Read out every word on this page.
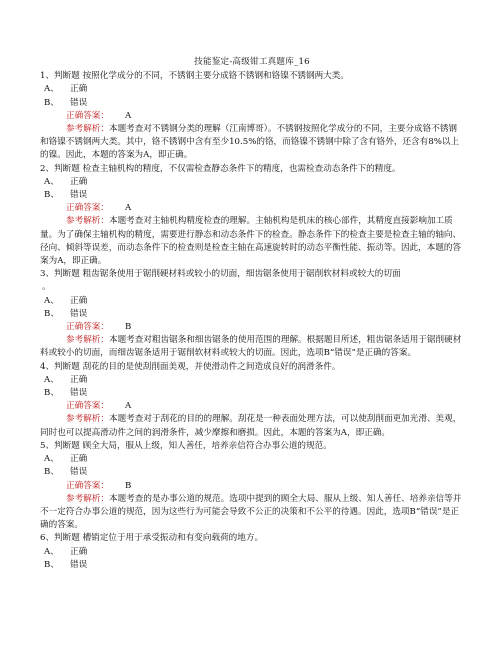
技能鉴定-高级钳工真题库_16
1、判断题 按照化学成分的不同，不锈钢主要分成铬不锈钢和铬镍不锈钢两大类。
A、 正确
B、 错误
正确答案： A
参考解析：本题考查对不锈钢分类的理解（江南博哥）。不锈钢按照化学成分的不同，主要分成铬不锈钢和铬镍不锈钢两大类。其中，铬不锈钢中含有至少10.5%的铬，而铬镍不锈钢中除了含有铬外，还含有8%以上的镍。因此，本题的答案为A，即正确。
2、判断题 检查主轴机构的精度，不仅需检查静态条件下的精度，也需检查动态条件下的精度。
A、 正确
B、 错误
正确答案： A
参考解析：本题考查对主轴机构精度检查的理解。主轴机构是机床的核心部件，其精度直接影响加工质量。为了确保主轴机构的精度，需要进行静态和动态条件下的检查。静态条件下的检查主要是检查主轴的轴向、径向、倾斜等误差，而动态条件下的检查则是检查主轴在高速旋转时的动态平衡性能、振动等。因此，本题的答案为A，即正确。
3、判断题 粗齿锯条使用于锯削硬材料或较小的切面，细齿锯条使用于锯削软材料或较大的切面
。
A、 正确
B、 错误
正确答案： B
参考解析：本题考查对粗齿锯条和细齿锯条的使用范围的理解。根据题目所述，粗齿锯条适用于锯削硬材料或较小的切面，而细齿锯条适用于锯削软材料或较大的切面。因此，选项B“错误”是正确的答案。
4、判断题 刮花的目的是使刮削面美观，并使滑动件之间造成良好的润滑条件。
A、 正确
B、 错误
正确答案： A
参考解析：本题考查对于刮花的目的的理解。刮花是一种表面处理方法，可以使刮削面更加光滑、美观，同时也可以提高滑动件之间的润滑条件，减少摩擦和磨损。因此，本题的答案为A，即正确。
5、判断题 顾全大局，服从上级，知人善任，培养亲信符合办事公道的规范。
A、 正确
B、 错误
正确答案： B
参考解析：本题考查的是办事公道的规范。选项中提到的顾全大局、服从上级、知人善任、培养亲信等并不一定符合办事公道的规范，因为这些行为可能会导致不公正的决策和不公平的待遇。因此，选项B“错误”是正确的答案。
6、判断题 槽销定位于用于承受振动和有变向载荷的地方。
A、 正确
B、 错误
